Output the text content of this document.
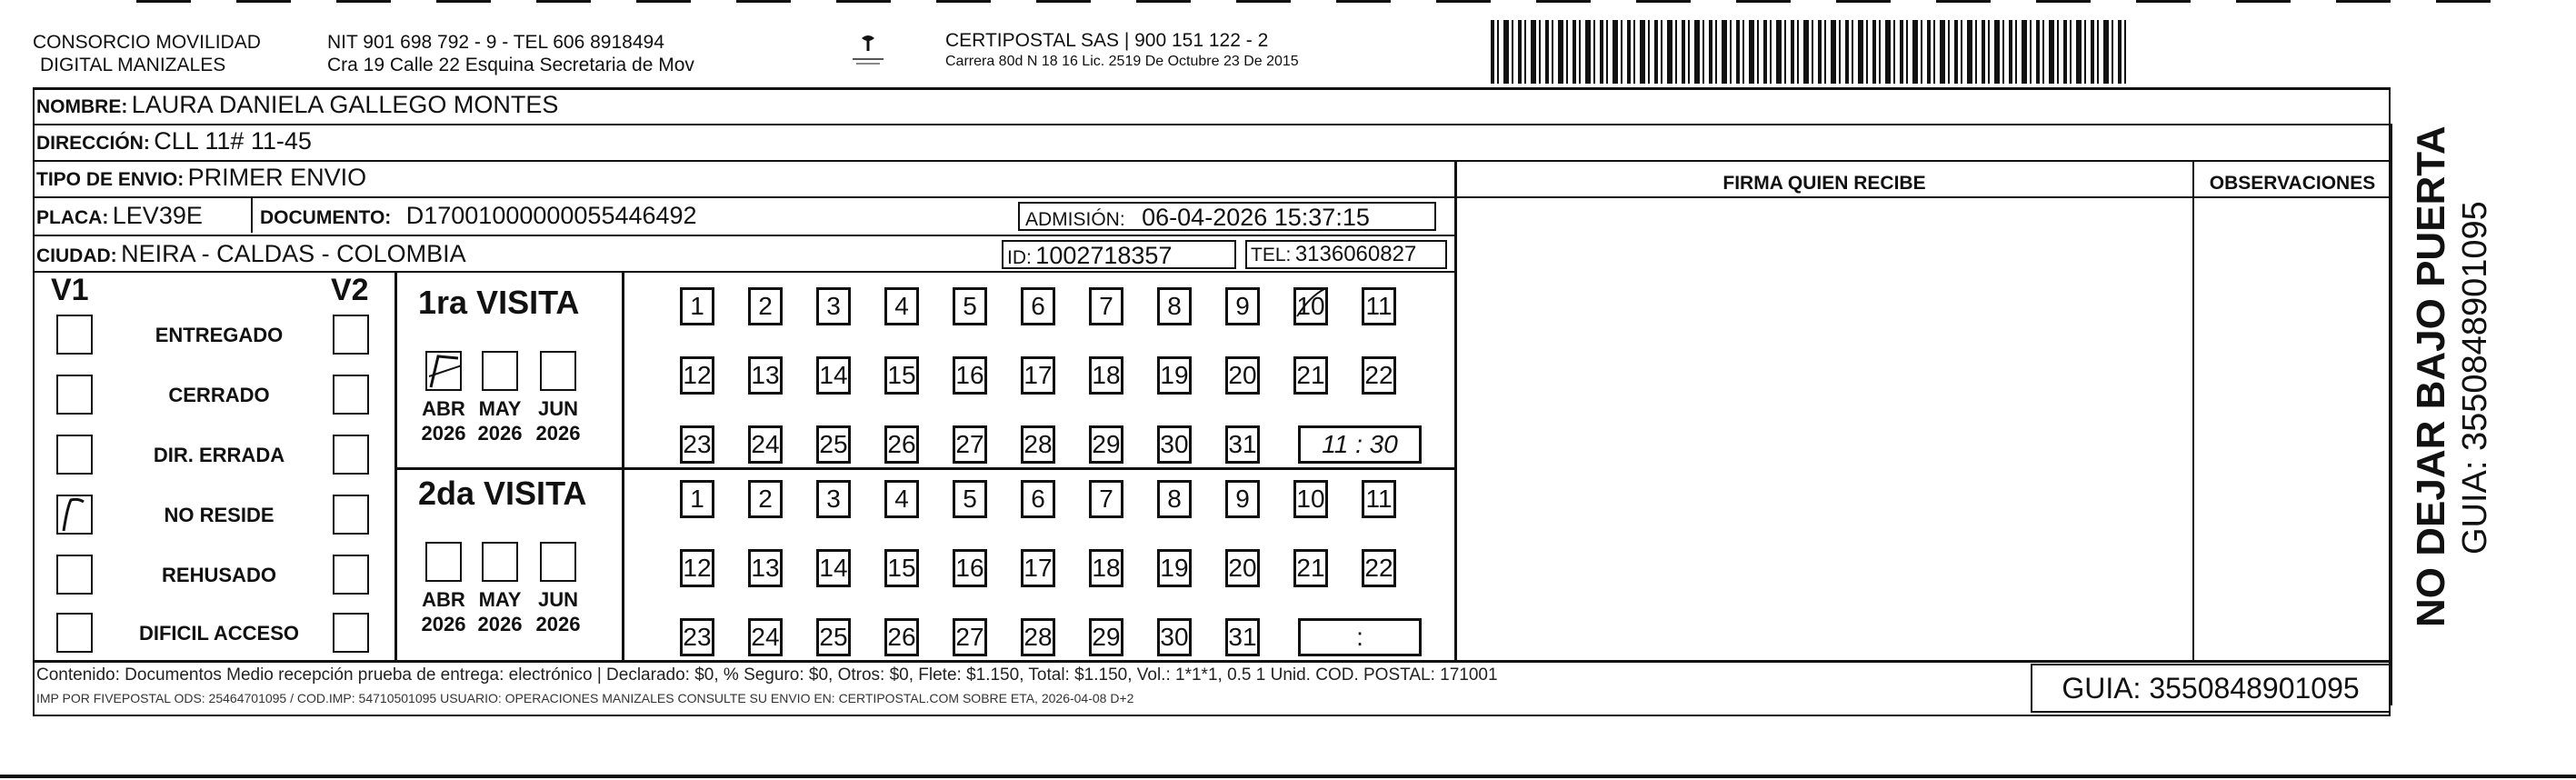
CONSORCIO MOVILIDAD
DIGITAL MANIZALES
NIT 901 698 792 - 9 - TEL 606 8918494
Cra 19 Calle 22 Esquina Secretaria de Mov
CERTIPOSTAL SAS | 900 151 122 - 2
Carrera 80d N 18 16 Lic. 2519 De Octubre 23 De 2015
NOMBRE: LAURA DANIELA GALLEGO MONTES
DIRECCIÓN: CLL 11# 11-45
TIPO DE ENVIO: PRIMER ENVIO	FIRMA QUIEN RECIBE	OBSERVACIONES
PLACA: LEV39E	DOCUMENTO: D17001000000055446492	ADMISIÓN: 06-04-2026 15:37:15
CIUDAD: NEIRA - CALDAS - COLOMBIA	ID: 1002718357	TEL: 3136060827
V1	V2
ENTREGADO
CERRADO
DIR. ERRADA
NO RESIDE
REHUSADO
DIFICIL ACCESO
1ra VISITA
ABR
2026
MAY
2026
JUN
2026
1	2	3	4	5	6	7	8	9	10 11
12 13 14 15 16 17 18 19 20 21 22
23 24 25 26 27 28 29 30 31	11 : 30
2da VISITA
ABR
2026
MAY
2026
JUN
2026
1	2	3	4	5	6	7	8	9	10 11
12 13 14 15 16 17 18 19 20 21 22
23 24 25 26 27 28 29 30 31	:
Contenido: Documentos Medio recepción prueba de entrega: electrónico | Declarado: $0, % Seguro: $0, Otros: $0, Flete: $1.150, Total: $1.150, Vol.: 1*1*1, 0.5 1 Unid. COD. POSTAL: 171001
IMP POR FIVEPOSTAL ODS: 25464701095 / COD.IMP: 54710501095 USUARIO: OPERACIONES MANIZALES CONSULTE SU ENVIO EN: CERTIPOSTAL.COM SOBRE ETA, 2026-04-08 D+2	GUIA: 3550848901095
NO DEJAR BAJO PUERTA GUIA: 3550848901095
